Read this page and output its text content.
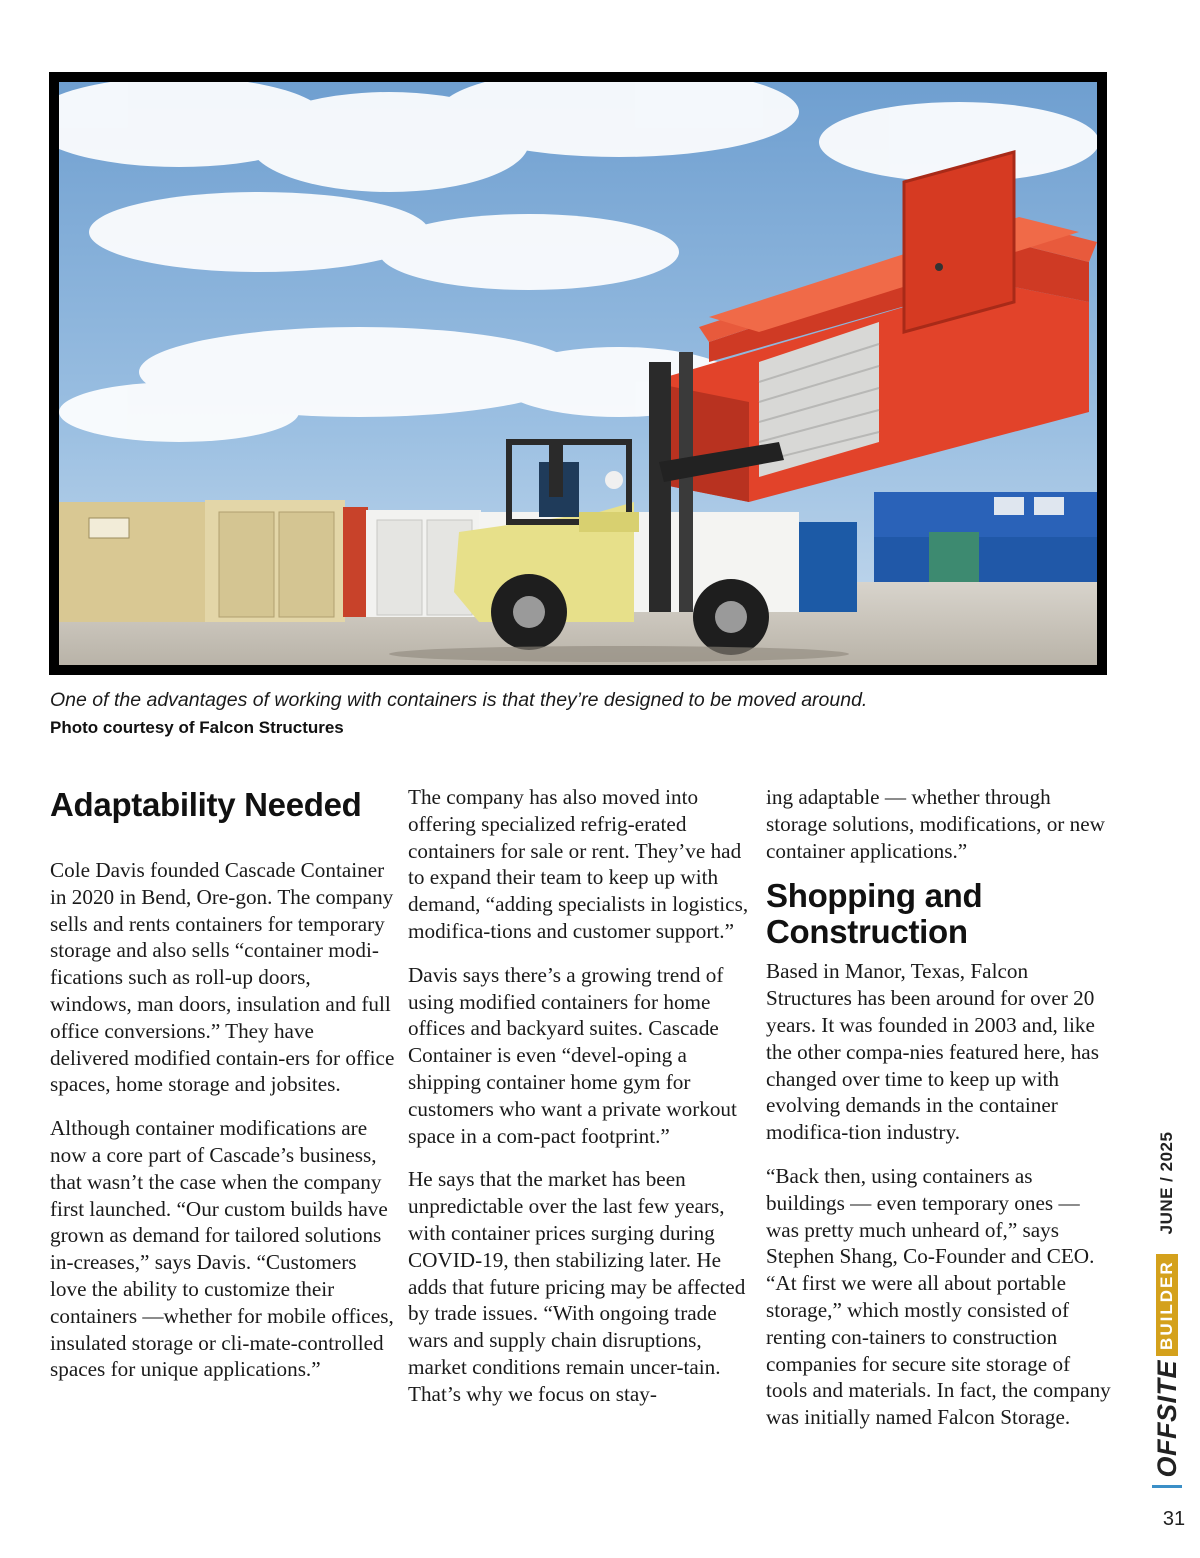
One of the advantages of working with containers is that they’re designed to be moved around.
Photo courtesy of Falcon Structures
Adaptability Needed

Cole Davis founded Cascade Container in 2020 in Bend, Ore-gon. The company sells and rents containers for temporary storage and also sells “container modi-fications such as roll-up doors, windows, man doors, insulation and full office conversions.” They have delivered modified contain-ers for office spaces, home storage and jobsites.

Although container modifications are now a core part of Cascade’s business, that wasn’t the case when the company first launched. “Our custom builds have grown as demand for tailored solutions in-creases,” says Davis. “Customers love the ability to customize their containers —whether for mobile offices, insulated storage or cli-mate-controlled spaces for unique applications.”

The company has also moved into offering specialized refrig-erated containers for sale or rent. They’ve had to expand their team to keep up with demand, “adding specialists in logistics, modifica-tions and customer support.”

Davis says there’s a growing trend of using modified containers for home offices and backyard suites. Cascade Container is even “devel-oping a shipping container home gym for customers who want a private workout space in a com-pact footprint.”

He says that the market has been unpredictable over the last few years, with container prices surging during COVID-19, then stabilizing later. He adds that future pricing may be affected by trade issues. “With ongoing trade wars and supply chain disruptions, market conditions remain uncer-tain. That’s why we focus on stay-

ing adaptable — whether through storage solutions, modifications, or new container applications.”

Shopping and Construction

Based in Manor, Texas, Falcon Structures has been around for over 20 years. It was founded in 2003 and, like the other compa-nies featured here, has changed over time to keep up with evolving demands in the container modifica-tion industry.

“Back then, using containers as buildings — even temporary ones — was pretty much unheard of,” says Stephen Shang, Co-Founder and CEO. “At first we were all about portable storage,” which mostly consisted of renting con-tainers to construction companies for secure site storage of tools and materials. In fact, the company was initially named Falcon Storage.	OFFSITE
BUILDER
JUNE / 2025
31
